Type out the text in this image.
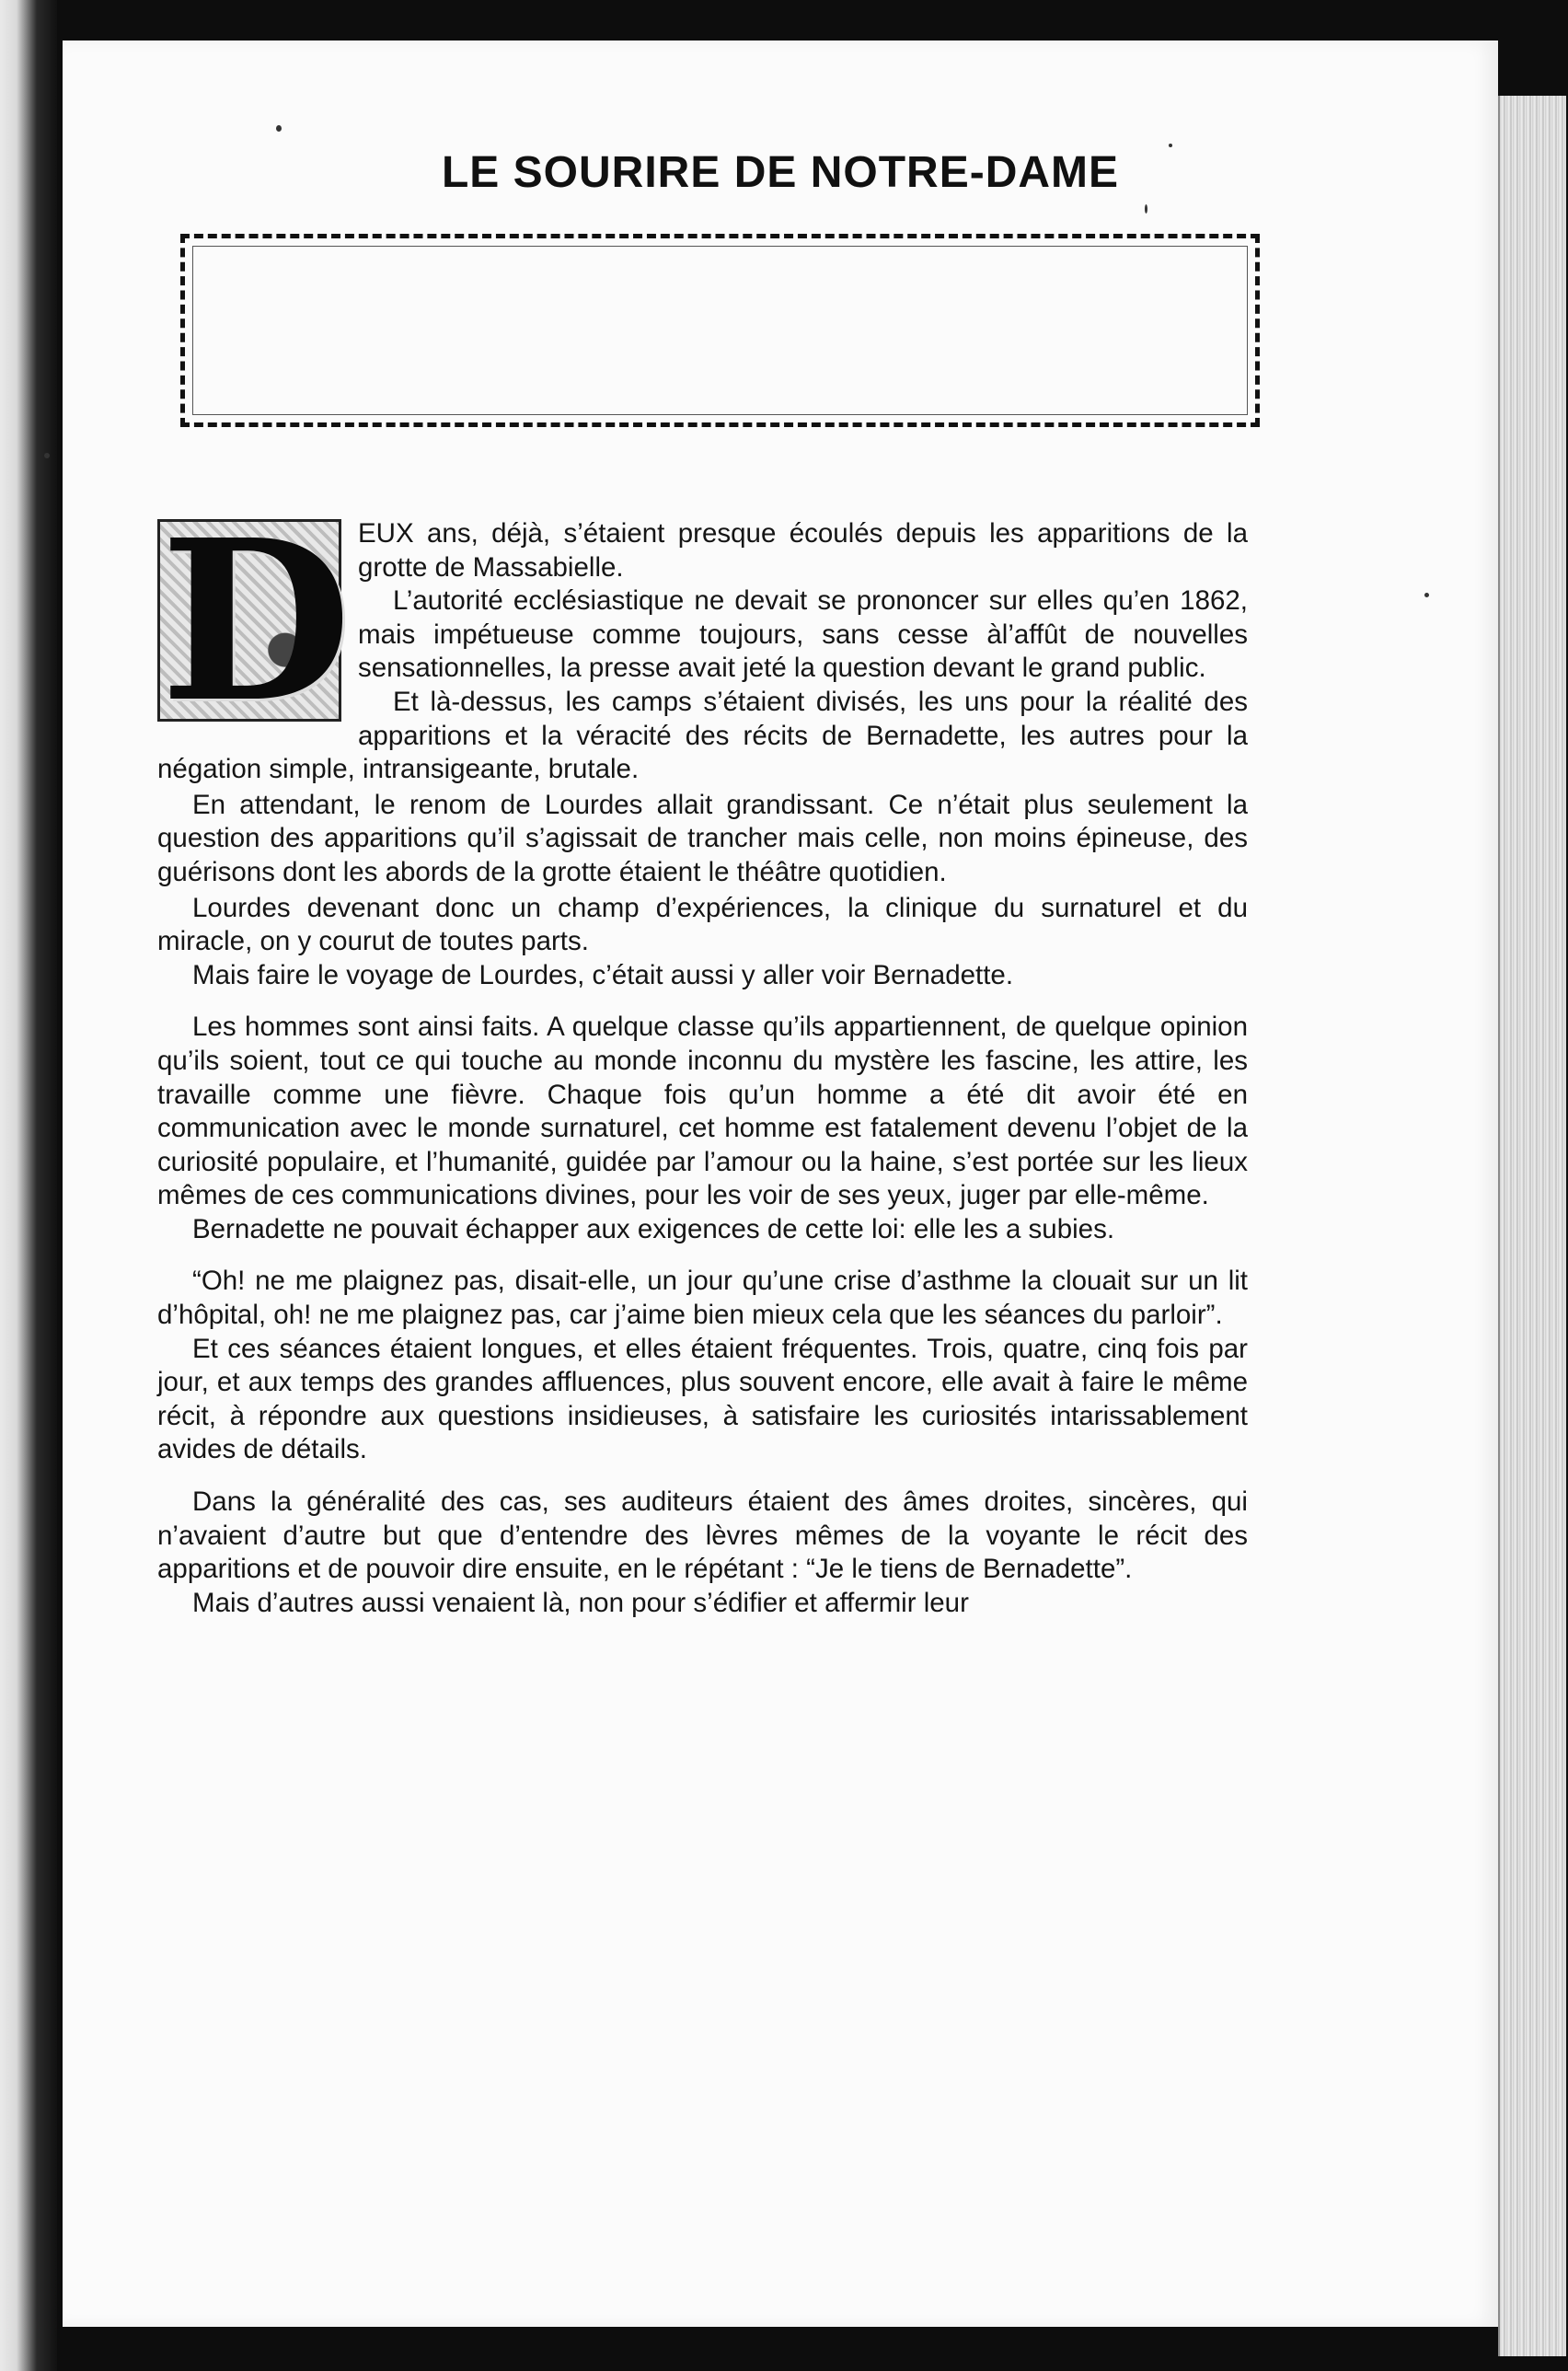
LE SOURIRE DE NOTRE-DAME
D EUX ans, déjà, s’étaient presque écoulés depuis les apparitions de la grotte de Massabielle.

L’autorité ecclésiastique ne devait se prononcer sur elles qu’en 1862, mais impétueuse comme toujours, sans cesse àl’affût de nouvelles sensationnelles, la presse avait jeté la question devant le grand public.

Et là-dessus, les camps s’étaient divisés, les uns pour la réalité des apparitions et la véracité des récits de Bernadette, les autres pour la négation simple, intransigeante, brutale.

En attendant, le renom de Lourdes allait grandissant. Ce n’était plus seulement la question des apparitions qu’il s’agissait de trancher mais celle, non moins épineuse, des guérisons dont les abords de la grotte étaient le théâtre quotidien.

Lourdes devenant donc un champ d’expériences, la clinique du surnaturel et du miracle, on y courut de toutes parts.

Mais faire le voyage de Lourdes, c’était aussi y aller voir Bernadette.

Les hommes sont ainsi faits. A quelque classe qu’ils appartiennent, de quelque opinion qu’ils soient, tout ce qui touche au monde inconnu du mystère les fascine, les attire, les travaille comme une fièvre. Chaque fois qu’un homme a été dit avoir été en communication avec le monde surnaturel, cet homme est fatalement devenu l’objet de la curiosité populaire, et l’humanité, guidée par l’amour ou la haine, s’est portée sur les lieux mêmes de ces communications divines, pour les voir de ses yeux, juger par elle-même.

Bernadette ne pouvait échapper aux exigences de cette loi: elle les a subies.

“Oh! ne me plaignez pas, disait-elle, un jour qu’une crise d’asthme la clouait sur un lit d’hôpital, oh! ne me plaignez pas, car j’aime bien mieux cela que les séances du parloir”.

Et ces séances étaient longues, et elles étaient fréquentes. Trois, quatre, cinq fois par jour, et aux temps des grandes affluences, plus souvent encore, elle avait à faire le même récit, à répondre aux questions insidieuses, à satisfaire les curiosités intarissablement avides de détails.

Dans la généralité des cas, ses auditeurs étaient des âmes droites, sincères, qui n’avaient d’autre but que d’entendre des lèvres mêmes de la voyante le récit des apparitions et de pouvoir dire ensuite, en le répétant : “Je le tiens de Bernadette”.

Mais d’autres aussi venaient là, non pour s’édifier et affermir leur
